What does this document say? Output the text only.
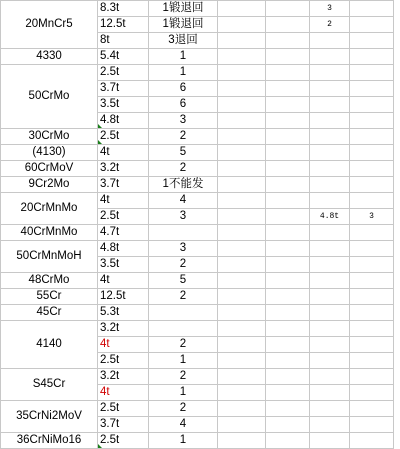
20MnCr5	8.3t	1锻退回			3	
	12.5t	1锻退回			2	
	8t	3退回				
4330	5.4t	1				
50CrMo	2.5t	1				
	3.7t	6				
	3.5t	6				
	4.8t	3				
30CrMo	2.5t	2				
(4130)	4t	5				
60CrMoV	3.2t	2				
9Cr2Mo	3.7t	1不能发				
20CrMnMo	4t	4				
	2.5t	3			4.8t	3
40CrMnMo	4.7t					
50CrMnMoH	4.8t	3				
	3.5t	2				
48CrMo	4t	5				
55Cr	12.5t	2				
45Cr	5.3t					
4140	3.2t					
	4t	2				
	2.5t	1				
S45Cr	3.2t	2				
	4t	1				
35CrNi2MoV	2.5t	2				
	3.7t	4				
36CrNiMo16	2.5t	1				
